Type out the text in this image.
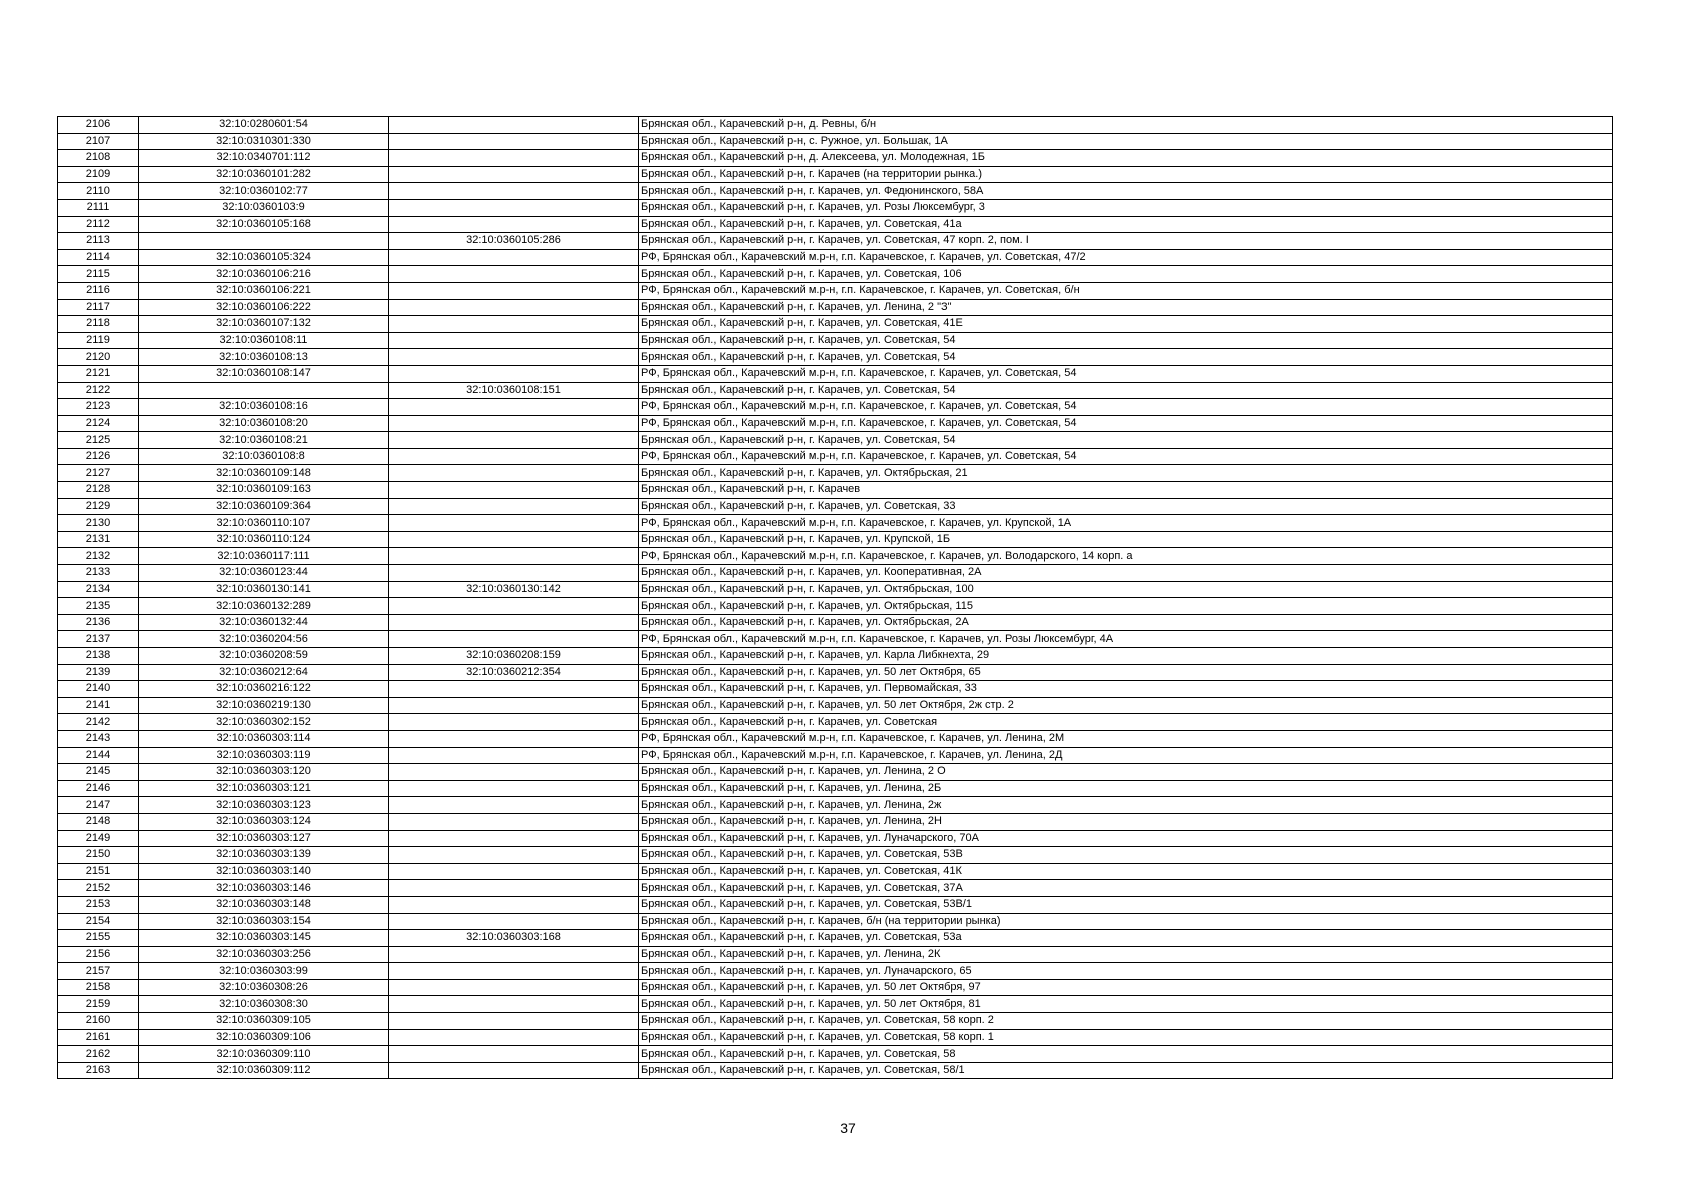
2106	32:10:0280601:54		Брянская обл., Карачевский р-н, д. Ревны, б/н
2107	32:10:0310301:330		Брянская обл., Карачевский р-н, с. Ружное, ул. Большак, 1А
2108	32:10:0340701:112		Брянская обл., Карачевский р-н, д. Алексеева, ул. Молодежная, 1Б
2109	32:10:0360101:282		Брянская обл., Карачевский р-н, г. Карачев (на территории рынка.)
2110	32:10:0360102:77		Брянская обл., Карачевский р-н, г. Карачев, ул. Федюнинского, 58А
2111	32:10:0360103:9		Брянская обл., Карачевский р-н, г. Карачев, ул. Розы Люксембург, 3
2112	32:10:0360105:168		Брянская обл., Карачевский р-н, г. Карачев, ул. Советская, 41а
2113		32:10:0360105:286	Брянская обл., Карачевский р-н, г. Карачев, ул. Советская, 47 корп. 2, пом. I
2114	32:10:0360105:324		РФ, Брянская обл., Карачевский м.р-н, г.п. Карачевское, г. Карачев, ул. Советская, 47/2
2115	32:10:0360106:216		Брянская обл., Карачевский р-н, г. Карачев, ул. Советская, 106
2116	32:10:0360106:221		РФ, Брянская обл., Карачевский м.р-н, г.п. Карачевское, г. Карачев, ул. Советская, б/н
2117	32:10:0360106:222		Брянская обл., Карачевский р-н, г. Карачев, ул. Ленина, 2 "З"
2118	32:10:0360107:132		Брянская обл., Карачевский р-н, г. Карачев, ул. Советская, 41Е
2119	32:10:0360108:11		Брянская обл., Карачевский р-н, г. Карачев, ул. Советская, 54
2120	32:10:0360108:13		Брянская обл., Карачевский р-н, г. Карачев, ул. Советская, 54
2121	32:10:0360108:147		РФ, Брянская обл., Карачевский м.р-н, г.п. Карачевское, г. Карачев, ул. Советская, 54
2122		32:10:0360108:151	Брянская обл., Карачевский р-н, г. Карачев, ул. Советская, 54
2123	32:10:0360108:16		РФ, Брянская обл., Карачевский м.р-н, г.п. Карачевское, г. Карачев, ул. Советская, 54
2124	32:10:0360108:20		РФ, Брянская обл., Карачевский м.р-н, г.п. Карачевское, г. Карачев, ул. Советская, 54
2125	32:10:0360108:21		Брянская обл., Карачевский р-н, г. Карачев, ул. Советская, 54
2126	32:10:0360108:8		РФ, Брянская обл., Карачевский м.р-н, г.п. Карачевское, г. Карачев, ул. Советская, 54
2127	32:10:0360109:148		Брянская обл., Карачевский р-н, г. Карачев, ул. Октябрьская, 21
2128	32:10:0360109:163		Брянская обл., Карачевский р-н, г. Карачев
2129	32:10:0360109:364		Брянская обл., Карачевский р-н, г. Карачев, ул. Советская, 33
2130	32:10:0360110:107		РФ, Брянская обл., Карачевский м.р-н, г.п. Карачевское, г. Карачев, ул. Крупской, 1А
2131	32:10:0360110:124		Брянская обл., Карачевский р-н, г. Карачев, ул. Крупской, 1Б
2132	32:10:0360117:111		РФ, Брянская обл., Карачевский м.р-н, г.п. Карачевское, г. Карачев, ул. Володарского, 14 корп. а
2133	32:10:0360123:44		Брянская обл., Карачевский р-н, г. Карачев, ул. Кооперативная, 2А
2134	32:10:0360130:141	32:10:0360130:142	Брянская обл., Карачевский р-н, г. Карачев, ул. Октябрьская, 100
2135	32:10:0360132:289		Брянская обл., Карачевский р-н, г. Карачев, ул. Октябрьская, 115
2136	32:10:0360132:44		Брянская обл., Карачевский р-н, г. Карачев, ул. Октябрьская, 2А
2137	32:10:0360204:56		РФ, Брянская обл., Карачевский м.р-н, г.п. Карачевское, г. Карачев, ул. Розы Люксембург, 4А
2138	32:10:0360208:59	32:10:0360208:159	Брянская обл., Карачевский р-н, г. Карачев, ул. Карла Либкнехта, 29
2139	32:10:0360212:64	32:10:0360212:354	Брянская обл., Карачевский р-н, г. Карачев, ул. 50 лет Октября, 65
2140	32:10:0360216:122		Брянская обл., Карачевский р-н, г. Карачев, ул. Первомайская, 33
2141	32:10:0360219:130		Брянская обл., Карачевский р-н, г. Карачев, ул. 50 лет Октября, 2ж стр. 2
2142	32:10:0360302:152		Брянская обл., Карачевский р-н, г. Карачев, ул. Советская
2143	32:10:0360303:114		РФ, Брянская обл., Карачевский м.р-н, г.п. Карачевское, г. Карачев, ул. Ленина, 2М
2144	32:10:0360303:119		РФ, Брянская обл., Карачевский м.р-н, г.п. Карачевское, г. Карачев, ул. Ленина, 2Д
2145	32:10:0360303:120		Брянская обл., Карачевский р-н, г. Карачев, ул. Ленина, 2 О
2146	32:10:0360303:121		Брянская обл., Карачевский р-н, г. Карачев, ул. Ленина, 2Б
2147	32:10:0360303:123		Брянская обл., Карачевский р-н, г. Карачев, ул. Ленина, 2ж
2148	32:10:0360303:124		Брянская обл., Карачевский р-н, г. Карачев, ул. Ленина, 2Н
2149	32:10:0360303:127		Брянская обл., Карачевский р-н, г. Карачев, ул. Луначарского, 70А
2150	32:10:0360303:139		Брянская обл., Карачевский р-н, г. Карачев, ул. Советская, 53В
2151	32:10:0360303:140		Брянская обл., Карачевский р-н, г. Карачев, ул. Советская, 41К
2152	32:10:0360303:146		Брянская обл., Карачевский р-н, г. Карачев, ул. Советская, 37А
2153	32:10:0360303:148		Брянская обл., Карачевский р-н, г. Карачев, ул. Советская, 53В/1
2154	32:10:0360303:154		Брянская обл., Карачевский р-н, г. Карачев, б/н (на территории рынка)
2155	32:10:0360303:145	32:10:0360303:168	Брянская обл., Карачевский р-н, г. Карачев, ул. Советская, 53а
2156	32:10:0360303:256		Брянская обл., Карачевский р-н, г. Карачев, ул. Ленина, 2К
2157	32:10:0360303:99		Брянская обл., Карачевский р-н, г. Карачев, ул. Луначарского, 65
2158	32:10:0360308:26		Брянская обл., Карачевский р-н, г. Карачев, ул. 50 лет Октября, 97
2159	32:10:0360308:30		Брянская обл., Карачевский р-н, г. Карачев, ул. 50 лет Октября, 81
2160	32:10:0360309:105		Брянская обл., Карачевский р-н, г. Карачев, ул. Советская, 58 корп. 2
2161	32:10:0360309:106		Брянская обл., Карачевский р-н, г. Карачев, ул. Советская, 58 корп. 1
2162	32:10:0360309:110		Брянская обл., Карачевский р-н, г. Карачев, ул. Советская, 58
2163	32:10:0360309:112		Брянская обл., Карачевский р-н, г. Карачев, ул. Советская, 58/1
37
